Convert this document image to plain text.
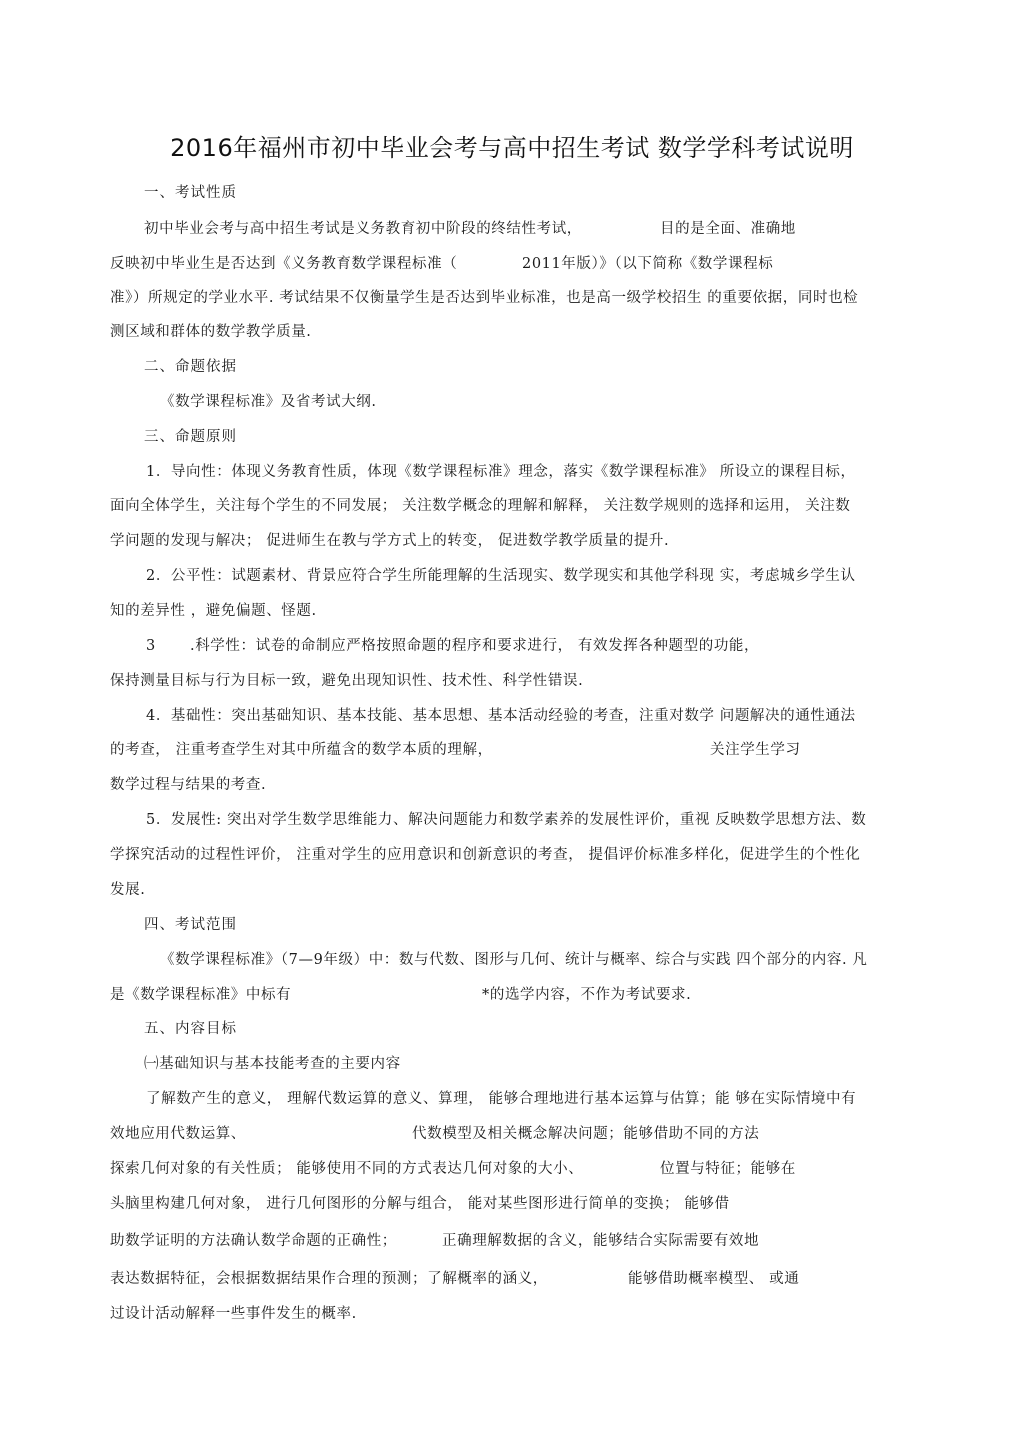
2016年福州市初中毕业会考与高中招生考试 数学学科考试说明
一、考试性质
初中毕业会考与高中招生考试是义务教育初中阶段的终结性考试，	目的是全面、准确地
反映初中毕业生是否达到《义务教育数学课程标准（	2011年版）》（以下简称《数学课程标
准》）所规定的学业水平. 考试结果不仅衡量学生是否达到毕业标准，也是高一级学校招生 的重要依据，同时也检
测区域和群体的数学教学质量.
二、命题依据
《数学课程标准》及省考试大纲.
三、命题原则
1．导向性：体现义务教育性质，体现《数学课程标准》理念，落实《数学课程标准》 所设立的课程目标，
面向全体学生，关注每个学生的不同发展； 关注数学概念的理解和解释， 关注数学规则的选择和运用， 关注数
学问题的发现与解决； 促进师生在教与学方式上的转变， 促进数学教学质量的提升.
2．公平性：试题素材、背景应符合学生所能理解的生活现实、数学现实和其他学科现 实，考虑城乡学生认
知的差异性 ，避免偏题、怪题.
3 .科学性：试卷的命制应严格按照命题的程序和要求进行， 有效发挥各种题型的功能，
保持测量目标与行为目标一致，避免出现知识性、技术性、科学性错误.
4．基础性：突出基础知识、基本技能、基本思想、基本活动经验的考查，注重对数学 问题解决的通性通法
的考查， 注重考查学生对其中所蕴含的数学本质的理解，	关注学生学习
数学过程与结果的考查.
5．发展性: 突出对学生数学思维能力、解决问题能力和数学素养的发展性评价，重视 反映数学思想方法、数
学探究活动的过程性评价， 注重对学生的应用意识和创新意识的考查， 提倡评价标准多样化，促进学生的个性化
发展.
四、考试范围
《数学课程标准》（7—9年级）中：数与代数、图形与几何、统计与概率、综合与实践 四个部分的内容. 凡
是《数学课程标准》中标有	*的选学内容，不作为考试要求.
五、内容目标
㈠基础知识与基本技能考查的主要内容
了解数产生的意义， 理解代数运算的意义、算理， 能够合理地进行基本运算与估算；能 够在实际情境中有
效地应用代数运算、	代数模型及相关概念解决问题；能够借助不同的方法
探索几何对象的有关性质； 能够使用不同的方式表达几何对象的大小、	位置与特征；能够在
头脑里构建几何对象， 进行几何图形的分解与组合， 能对某些图形进行简单的变换； 能够借
助数学证明的方法确认数学命题的正确性；	正确理解数据的含义，能够结合实际需要有效地
表达数据特征，会根据数据结果作合理的预测；了解概率的涵义，	能够借助概率模型、 或通
过设计活动解释一些事件发生的概率.
